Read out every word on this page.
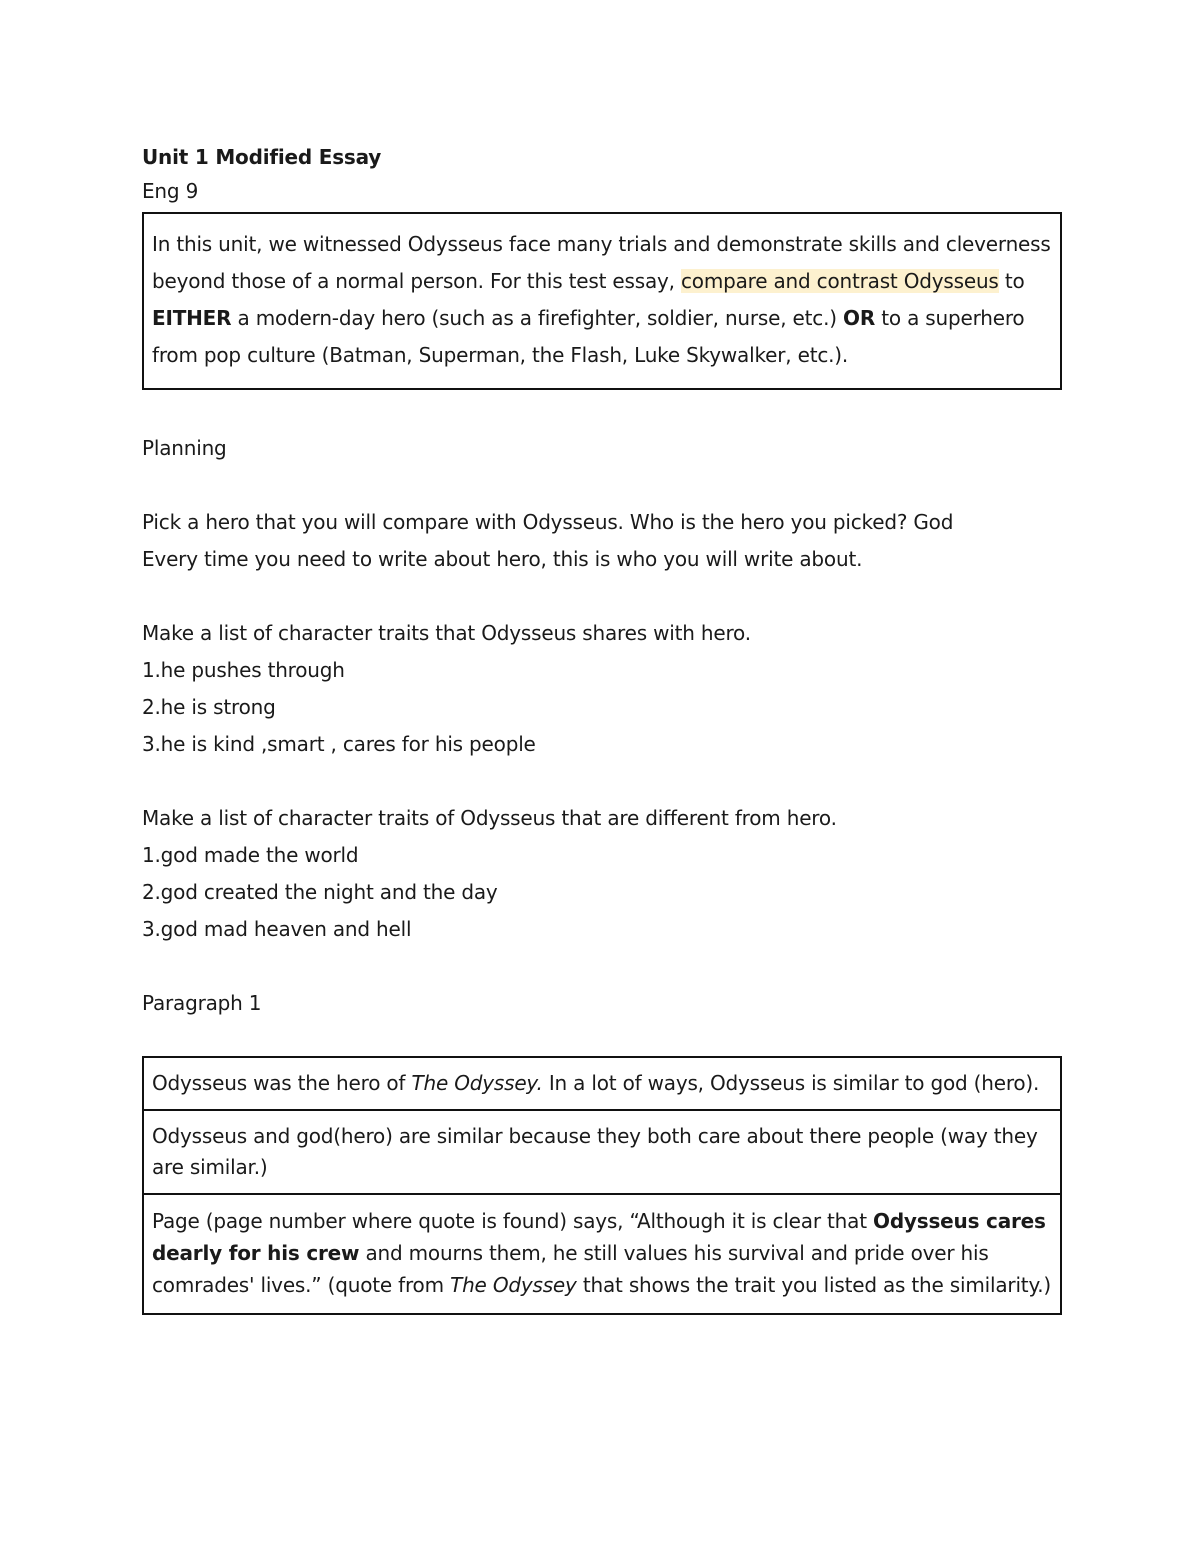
Unit 1 Modified Essay

Eng 9

In this unit, we witnessed Odysseus face many trials and demonstrate skills and cleverness beyond those of a normal person. For this test essay, compare and contrast Odysseus to EITHER a modern-day hero (such as a firefighter, soldier, nurse, etc.) OR to a superhero from pop culture (Batman, Superman, the Flash, Luke Skywalker, etc.).

Planning

Pick a hero that you will compare with Odysseus. Who is the hero you picked? God

Every time you need to write about hero, this is who you will write about.

Make a list of character traits that Odysseus shares with hero.

1.he pushes through

2.he is strong

3.he is kind ,smart , cares for his people

Make a list of character traits of Odysseus that are different from hero.

1.god made the world

2.god created the night and the day

3.god mad heaven and hell

Paragraph 1

Odysseus was the hero of The Odyssey. In a lot of ways, Odysseus is similar to god (hero).
Odysseus and god(hero) are similar because they both care about there people (way they are similar.)
Page (page number where quote is found) says, “Although it is clear that Odysseus cares dearly for his crew and mourns them, he still values his survival and pride over his comrades' lives.” (quote from The Odyssey that shows the trait you listed as the similarity.)
